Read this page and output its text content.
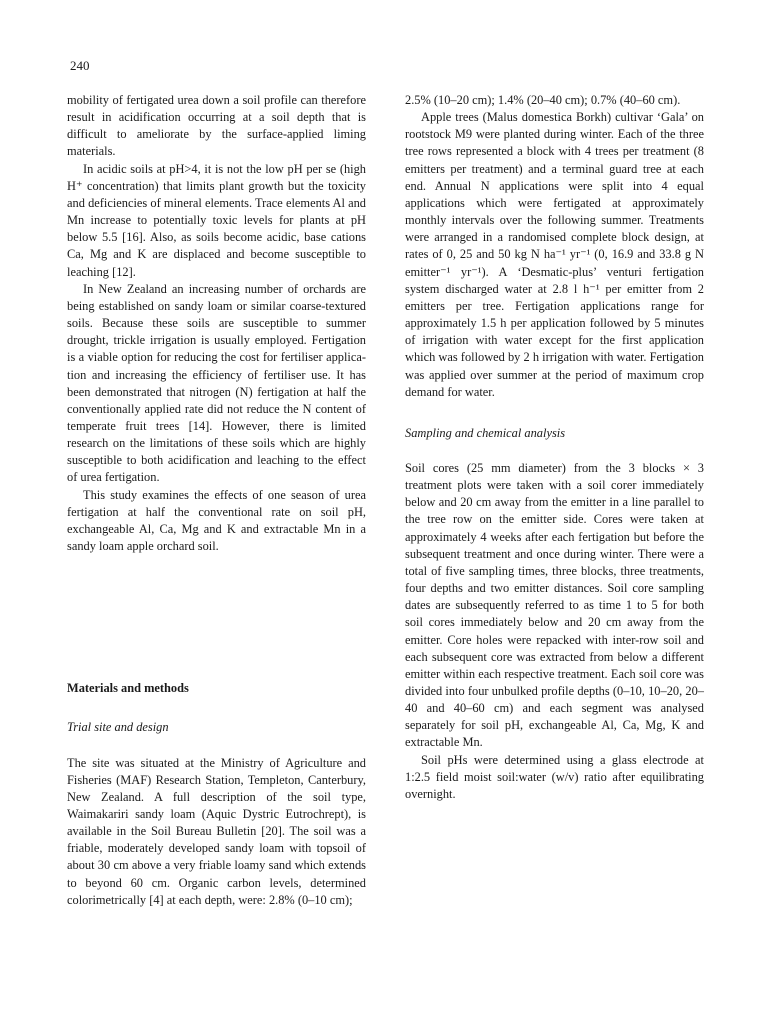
240

mobility of fertigated urea down a soil profile can therefore result in acidification occurring at a soil depth that is difficult to ameliorate by the surface-applied liming materials.

In acidic soils at pH>4, it is not the low pH per se (high H⁺ concentration) that limits plant growth but the toxicity and deficiencies of mineral elements. Trace elements Al and Mn increase to potentially toxic levels for plants at pH below 5.5 [16]. Also, as soils become acidic, base cations Ca, Mg and K are displaced and become susceptible to leaching [12].

In New Zealand an increasing number of orchards are being established on sandy loam or similar coarse-textured soils. Because these soils are susceptible to summer drought, trickle irrigation is usually employed. Fertigation is a viable option for reducing the cost for fertiliser application and increasing the efficiency of fertiliser use. It has been demonstrated that nitrogen (N) fertigation at half the conventionally applied rate did not reduce the N content of temperate fruit trees [14]. However, there is limited research on the limitations of these soils which are highly susceptible to both acidification and leaching to the effect of urea fertigation.

This study examines the effects of one season of urea fertigation at half the conventional rate on soil pH, exchangeable Al, Ca, Mg and K and extractable Mn in a sandy loam apple orchard soil.

Materials and methods

Trial site and design

The site was situated at the Ministry of Agriculture and Fisheries (MAF) Research Station, Templeton, Canterbury, New Zealand. A full description of the soil type, Waimakariri sandy loam (Aquic Dystric Eutrochrept), is available in the Soil Bureau Bulletin [20]. The soil was a friable, moderately developed sandy loam with topsoil of about 30 cm above a very friable loamy sand which extends to beyond 60 cm. Organic carbon levels, determined colorimetrically [4] at each depth, were: 2.8% (0–10 cm);

2.5% (10–20 cm); 1.4% (20–40 cm); 0.7% (40–60 cm).

Apple trees (Malus domestica Borkh) cultivar ‘Gala’ on rootstock M9 were planted during winter. Each of the three tree rows represented a block with 4 trees per treatment (8 emitters per treatment) and a terminal guard tree at each end. Annual N applications were split into 4 equal applications which were fertigated at approximately monthly intervals over the following summer. Treatments were arranged in a randomised complete block design, at rates of 0, 25 and 50 kg N ha⁻¹ yr⁻¹ (0, 16.9 and 33.8 g N emitter⁻¹ yr⁻¹). A ‘Desmatic-plus’ venturi fertigation system discharged water at 2.8 l h⁻¹ per emitter from 2 emitters per tree. Fertigation applications range for approximately 1.5 h per application followed by 5 minutes of irrigation with water except for the first application which was followed by 2 h irrigation with water. Fertigation was applied over summer at the period of maximum crop demand for water.

Sampling and chemical analysis

Soil cores (25 mm diameter) from the 3 blocks × 3 treatment plots were taken with a soil corer immediately below and 20 cm away from the emitter in a line parallel to the tree row on the emitter side. Cores were taken at approximately 4 weeks after each fertigation but before the subsequent treatment and once during winter. There were a total of five sampling times, three blocks, three treatments, four depths and two emitter distances. Soil core sampling dates are subsequently referred to as time 1 to 5 for both soil cores immediately below and 20 cm away from the emitter. Core holes were repacked with inter-row soil and each subsequent core was extracted from below a different emitter within each respective treatment. Each soil core was divided into four unbulked profile depths (0–10, 10–20, 20–40 and 40–60 cm) and each segment was analysed separately for soil pH, exchangeable Al, Ca, Mg, K and extractable Mn.

Soil pHs were determined using a glass electrode at 1:2.5 field moist soil:water (w/v) ratio after equilibrating overnight.
